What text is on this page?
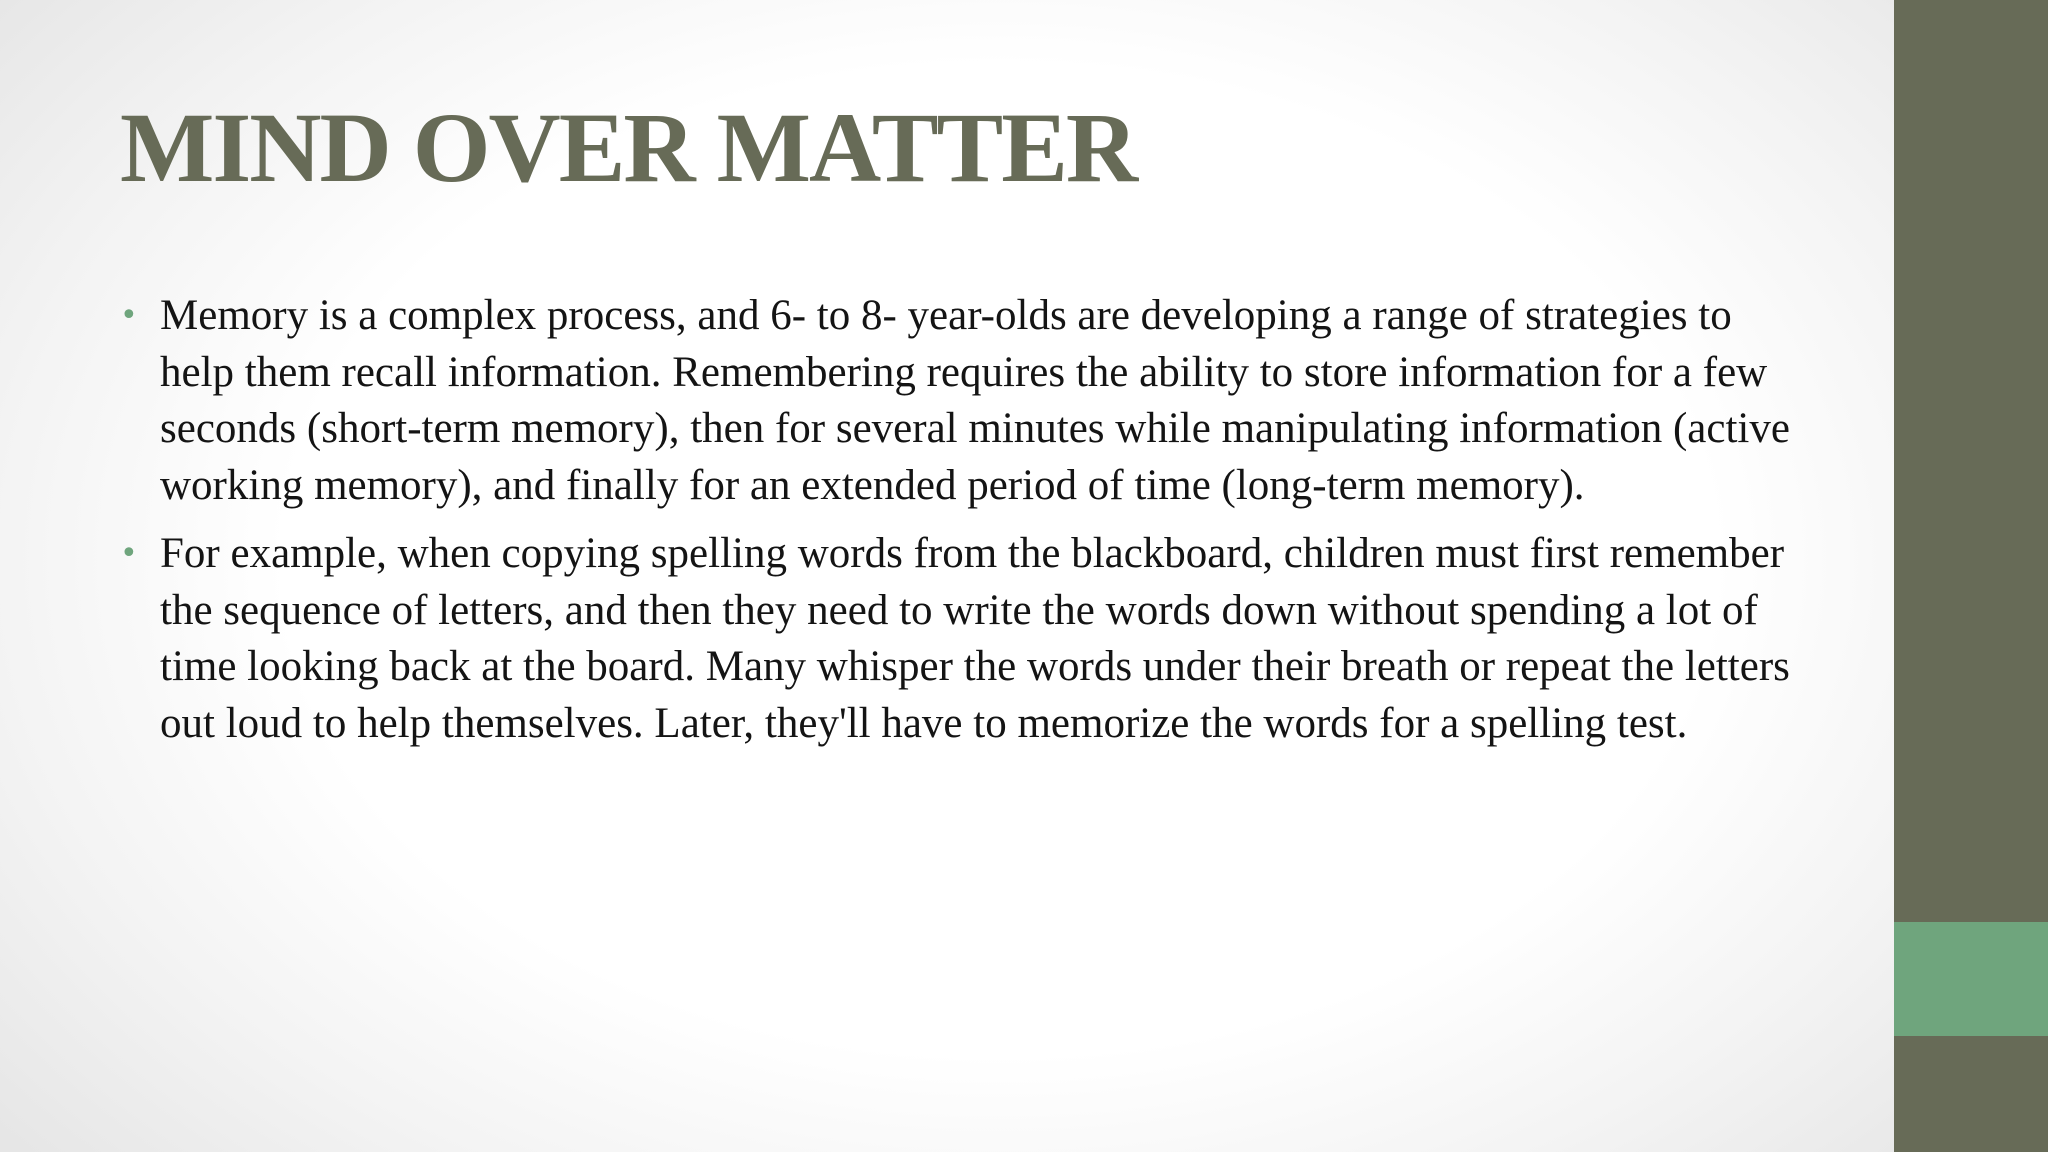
MIND OVER MATTER
• Memory is a complex process, and 6- to 8- year-olds are developing a range of strategies to help them recall information. Remembering requires the ability to store information for a few seconds (short-term memory), then for several minutes while manipulating information (active working memory), and finally for an extended period of time (long-term memory).
• For example, when copying spelling words from the blackboard, children must first remember the sequence of letters, and then they need to write the words down without spending a lot of time looking back at the board. Many whisper the words under their breath or repeat the letters out loud to help themselves. Later, they'll have to memorize the words for a spelling test.
